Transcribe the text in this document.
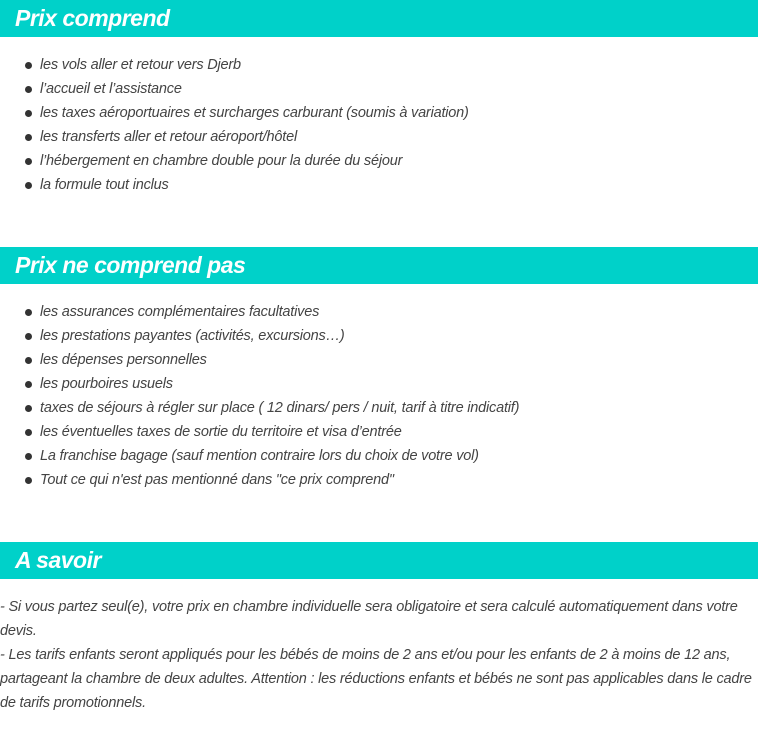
Prix comprend
les vols aller et retour vers Djerb
l’accueil et l’assistance
les taxes aéroportuaires et surcharges carburant (soumis à variation)
les transferts aller et retour aéroport/hôtel
l’hébergement en chambre double pour la durée du séjour
la formule tout inclus
Prix ne comprend pas
les assurances complémentaires facultatives
les prestations payantes (activités, excursions…)
les dépenses personnelles
les pourboires usuels
taxes de séjours à régler sur place ( 12 dinars/ pers / nuit, tarif à titre indicatif)
les éventuelles taxes de sortie du territoire et visa d’entrée
La franchise bagage (sauf mention contraire lors du choix de votre vol)
Tout ce qui n'est pas mentionné dans "ce prix comprend"
A savoir

- Si vous partez seul(e), votre prix en chambre individuelle sera obligatoire et sera calculé automatiquement dans votre devis.

- Les tarifs enfants seront appliqués pour les bébés de moins de 2 ans et/ou pour les enfants de 2 à moins de 12 ans, partageant la chambre de deux adultes. Attention : les réductions enfants et bébés ne sont pas applicables dans le cadre de tarifs promotionnels.
